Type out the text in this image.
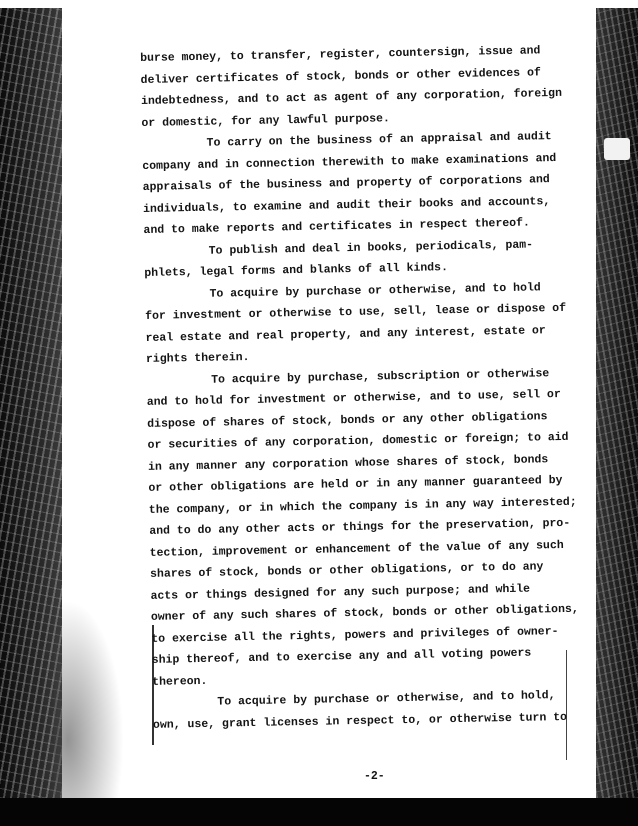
burse money, to transfer, register, countersign, issue and
deliver certificates of stock, bonds or other evidences of
indebtedness, and to act as agent of any corporation, foreign
or domestic, for any lawful purpose.
To carry on the business of an appraisal and audit
company and in connection therewith to make examinations and
appraisals of the business and property of corporations and
individuals, to examine and audit their books and accounts,
and to make reports and certificates in respect thereof.
To publish and deal in books, periodicals, pam-
phlets, legal forms and blanks of all kinds.
To acquire by purchase or otherwise, and to hold
for investment or otherwise to use, sell, lease or dispose of
real estate and real property, and any interest, estate or
rights therein.
To acquire by purchase, subscription or otherwise
and to hold for investment or otherwise, and to use, sell or
dispose of shares of stock, bonds or any other obligations
or securities of any corporation, domestic or foreign; to aid
in any manner any corporation whose shares of stock, bonds
or other obligations are held or in any manner guaranteed by
the company, or in which the company is in any way interested;
and to do any other acts or things for the preservation, pro-
tection, improvement or enhancement of the value of any such
shares of stock, bonds or other obligations, or to do any
acts or things designed for any such purpose; and while
owner of any such shares of stock, bonds or other obligations,
to exercise all the rights, powers and privileges of owner-
ship thereof, and to exercise any and all voting powers
thereon.
To acquire by purchase or otherwise, and to hold,
own, use, grant licenses in respect to, or otherwise turn to
-2-
